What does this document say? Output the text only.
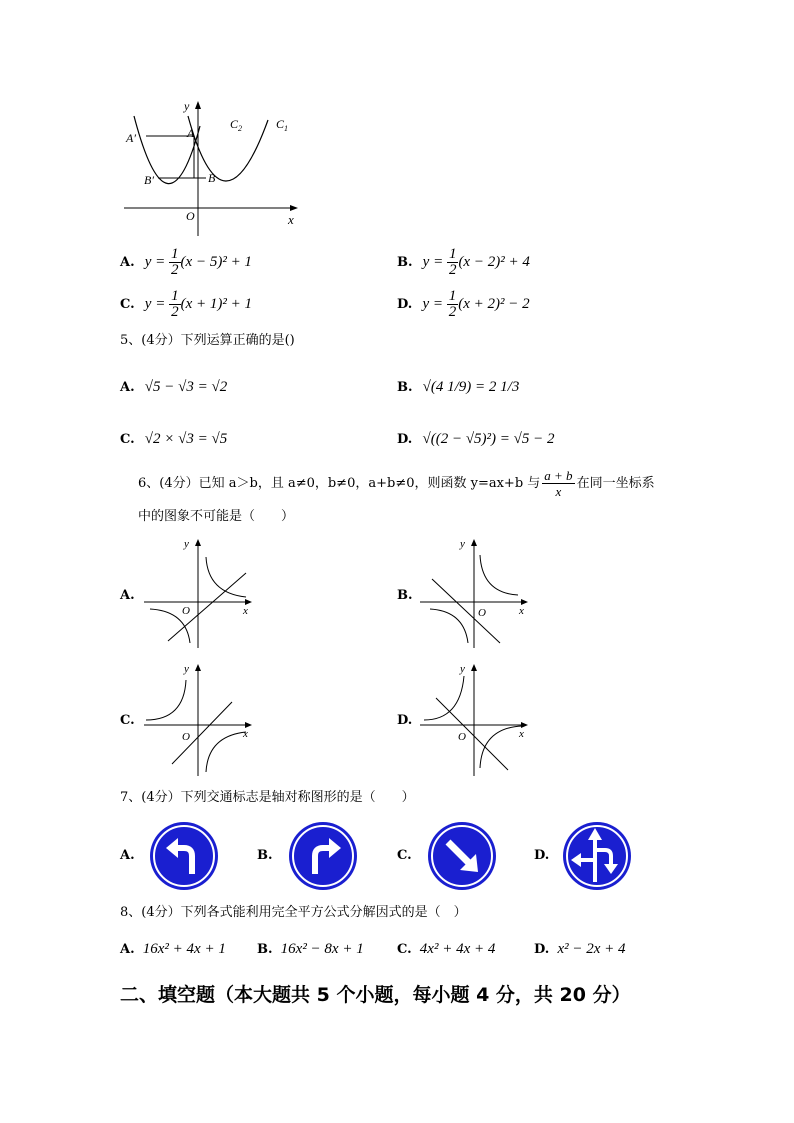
y
x
O
A
A′
B
B′
$C_2$	$C_1$
A. $y = \frac{1}{2} (x - 5)^2 + 1$	B. $y = \frac{1}{2} (x - 2)^2 + 4$
C. $y = \frac{1}{2} (x + 1)^2 + 1$	D. $y = \frac{1}{2} (x + 2)^2 - 2$
5、(4分）下列运算正确的是()
A. √5 − √3 = √2	B. √(4 1/9) = 2 1/3
C. √2 × √3 = √5	D. √((2 − √5)²) = √5 − 2
6、(4分）已知 a＞b，且 a≠0，b≠0，a+b≠0，则函数 y=ax+b 与 $\frac{a + b}{x}$ 在同一坐标系
中的图象不可能是（　　）
A.
y
x
O
B.
y
x
O
C.
y
x
O
D.
y
x
O
7、(4分）下列交通标志是轴对称图形的是（　　）
A.	B.	C.	D.
8、(4分）下列各式能利用完全平方公式分解因式的是（　）
A. 16x² + 4x + 1 B. 16x² − 8x + 1	C. 4x² + 4x + 4	D. x² − 2x + 4
二、填空题（本大题共 5 个小题，每小题 4 分，共 20 分）
